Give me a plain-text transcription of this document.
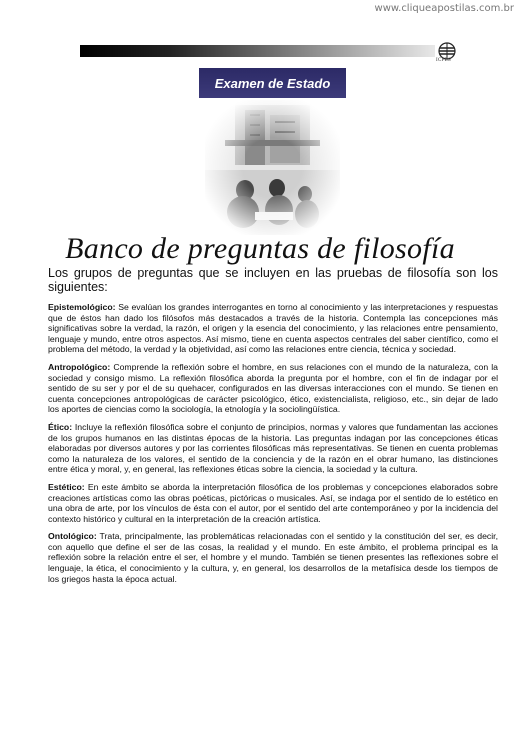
www.cliqueapostilas.com.br
ICFES
Examen de Estado
Banco de preguntas de filosofía

Los grupos de preguntas que se incluyen en las pruebas de filosofía son los siguientes:

Epistemológico: Se evalúan los grandes interrogantes en torno al conocimiento y las interpretaciones y respuestas que de éstos han dado los filósofos más destacados a través de la historia. Contempla las concepciones más significativas sobre la verdad, la razón, el origen y la esencia del conocimiento, y las relaciones entre pensamiento, lenguaje y mundo, entre otros aspectos. Así mismo, tiene en cuenta aspectos centrales del saber científico, como el problema del método, la verdad y la objetividad, así como las relaciones entre ciencia, técnica y sociedad.

Antropológico: Comprende la reflexión sobre el hombre, en sus relaciones con el mundo de la naturaleza, con la sociedad y consigo mismo. La reflexión filosófica aborda la pregunta por el hombre, con el fin de indagar por el sentido de su ser y por el de su quehacer, configurados en las diversas interacciones con el mundo. Se tienen en cuenta concepciones antropológicas de carácter psicológico, ético, existencialista, religioso, etc., sin dejar de lado los aportes de ciencias como la sociología, la etnología y la sociolingüística.

Ético: Incluye la reflexión filosófica sobre el conjunto de principios, normas y valores que fundamentan las acciones de los grupos humanos en las distintas épocas de la historia. Las preguntas indagan por las concepciones éticas elaboradas por diversos autores y por las corrientes filosóficas más representativas. Se tienen en cuenta problemas como la naturaleza de los valores, el sentido de la conciencia y de la razón en el obrar humano, las distinciones entre ética y moral, y, en general, las reflexiones éticas sobre la ciencia, la sociedad y la cultura.

Estético: En este ámbito se aborda la interpretación filosófica de los problemas y concepciones elaborados sobre creaciones artísticas como las obras poéticas, pictóricas o musicales. Así, se indaga por el sentido de lo estético en una obra de arte, por los vínculos de ésta con el autor, por el sentido del arte contemporáneo y por la incidencia del contexto histórico y cultural en la interpretación de la creación artística.

Ontológico: Trata, principalmente, las problemáticas relacionadas con el sentido y la constitución del ser, es decir, con aquello que define el ser de las cosas, la realidad y el mundo. En este ámbito, el problema principal es la reflexión sobre la relación entre el ser, el hombre y el mundo. También se tienen presentes las reflexiones sobre el lenguaje, la ética, el conocimiento y la cultura, y, en general, los desarrollos de la metafísica desde los tiempos de los griegos hasta la época actual.
